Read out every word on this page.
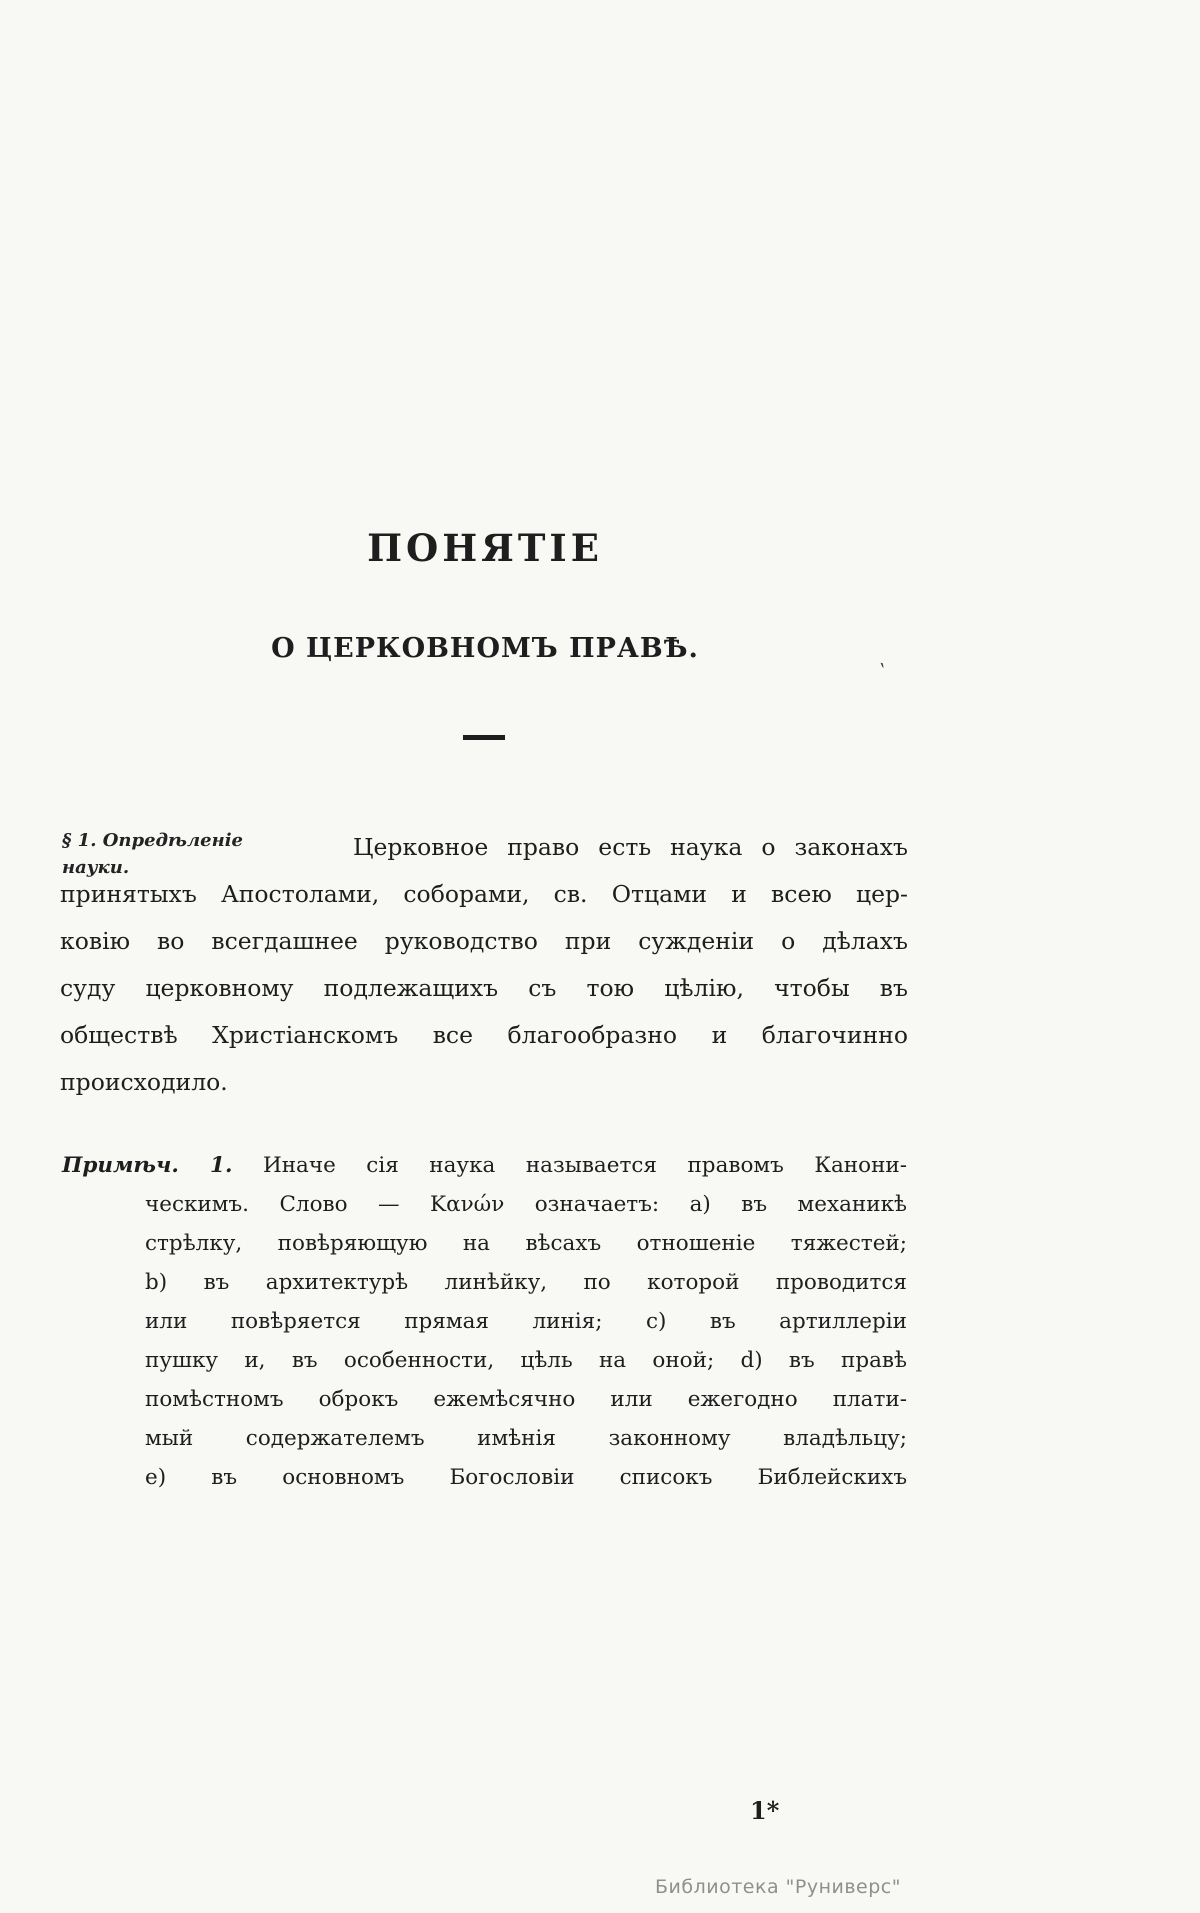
ПОНЯТІЕ
О ЦЕРКОВНОМЪ ПРАВѢ.
‵
§ 1. Опредѣленіе
науки.
Церковное право есть наука о законахъ
принятыхъ Апостолами, соборами, св. Отцами и всею цер-
ковію во всегдашнее руководство при сужденіи о дѣлахъ
суду церковному подлежащихъ съ тою цѣлію, чтобы въ
обществѣ Христіанскомъ все благообразно и благочинно
происходило.
Примѣч. 1. Иначе сія наука называется правомъ Канони-
ческимъ. Слово — Κανών означаетъ: а) въ механикѣ
стрѣлку, повѣряющую на вѣсахъ отношеніе тяжестей;
b) въ архитектурѣ линѣйку, по которой проводится
или повѣряется прямая линія; с) въ артиллеріи
пушку и, въ особенности, цѣль на оной; d) въ правѣ
помѣстномъ оброкъ ежемѣсячно или ежегодно плати-
мый содержателемъ имѣнія законному владѣльцу;
е) въ основномъ Богословіи списокъ Библейскихъ
1*
Библиотека "Руниверс"
